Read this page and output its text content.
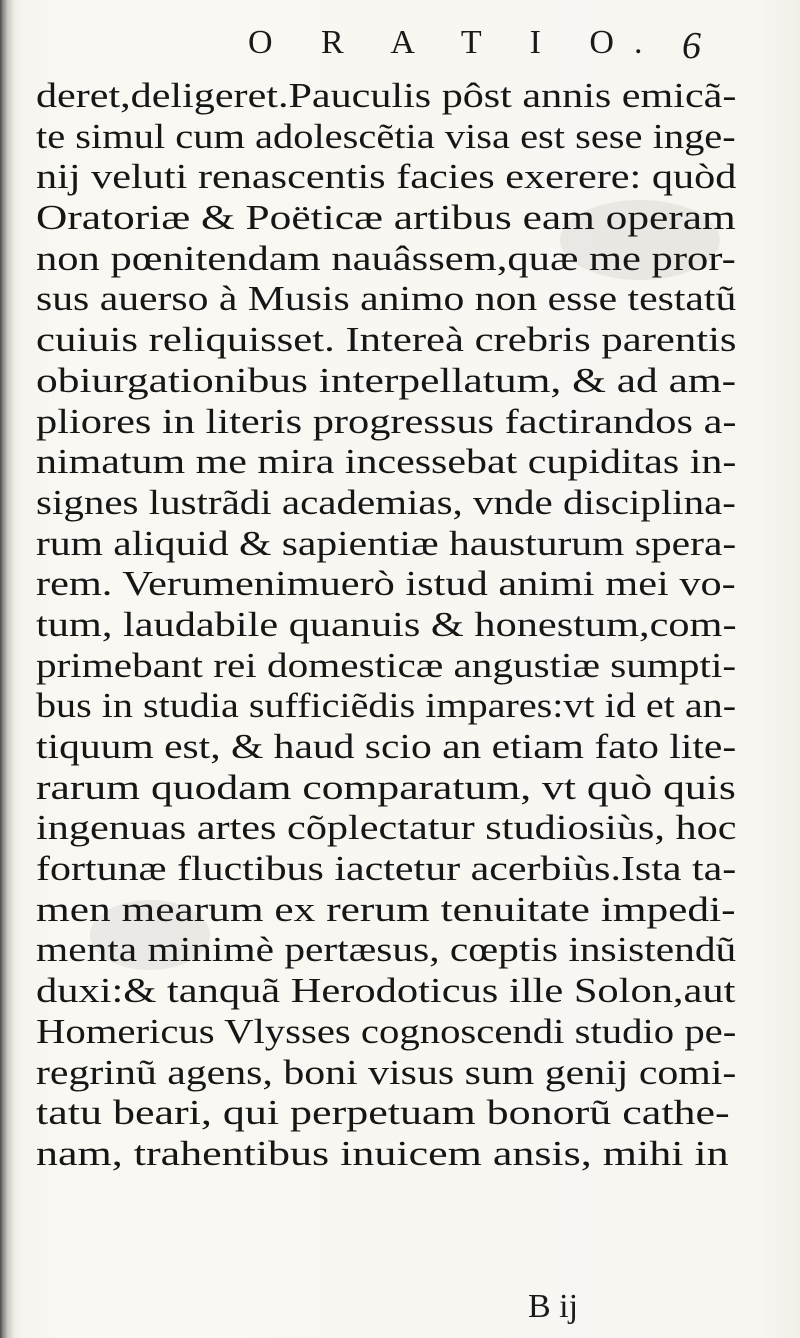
O R A T I O. 6
deret,deligeret.Pauculis pôst annis emicã-
te simul cum adolescẽtia visa est sese inge-
nij veluti renascentis facies exerere: quòd
Oratoriæ & Poëticæ artibus eam operam
non pœnitendam nauâssem,quæ me pror-
sus auerso à Musis animo non esse testatũ
cuiuis reliquisset. Intereà crebris parentis
obiurgationibus interpellatum, & ad am-
pliores in literis progressus factirandos a-
nimatum me mira incessebat cupiditas in-
signes lustrãdi academias, vnde disciplina-
rum aliquid & sapientiæ hausturum spera-
rem. Verumenimuerò istud animi mei vo-
tum, laudabile quanuis & honestum,com-
primebant rei domesticæ angustiæ sumpti-
bus in studia sufficiẽdis impares:vt id et an-
tiquum est, & haud scio an etiam fato lite-
rarum quodam comparatum, vt quò quis
ingenuas artes cõplectatur studiosiùs, hoc
fortunæ fluctibus iactetur acerbiùs.Ista ta-
men mearum ex rerum tenuitate impedi-
menta minimè pertæsus, cœptis insistendũ
duxi:& tanquã Herodoticus ille Solon,aut
Homericus Vlysses cognoscendi studio pe-
regrinũ agens, boni visus sum genij comi-
tatu beari, qui perpetuam bonorũ cathe-
nam, trahentibus inuicem ansis, mihi in
B ij
